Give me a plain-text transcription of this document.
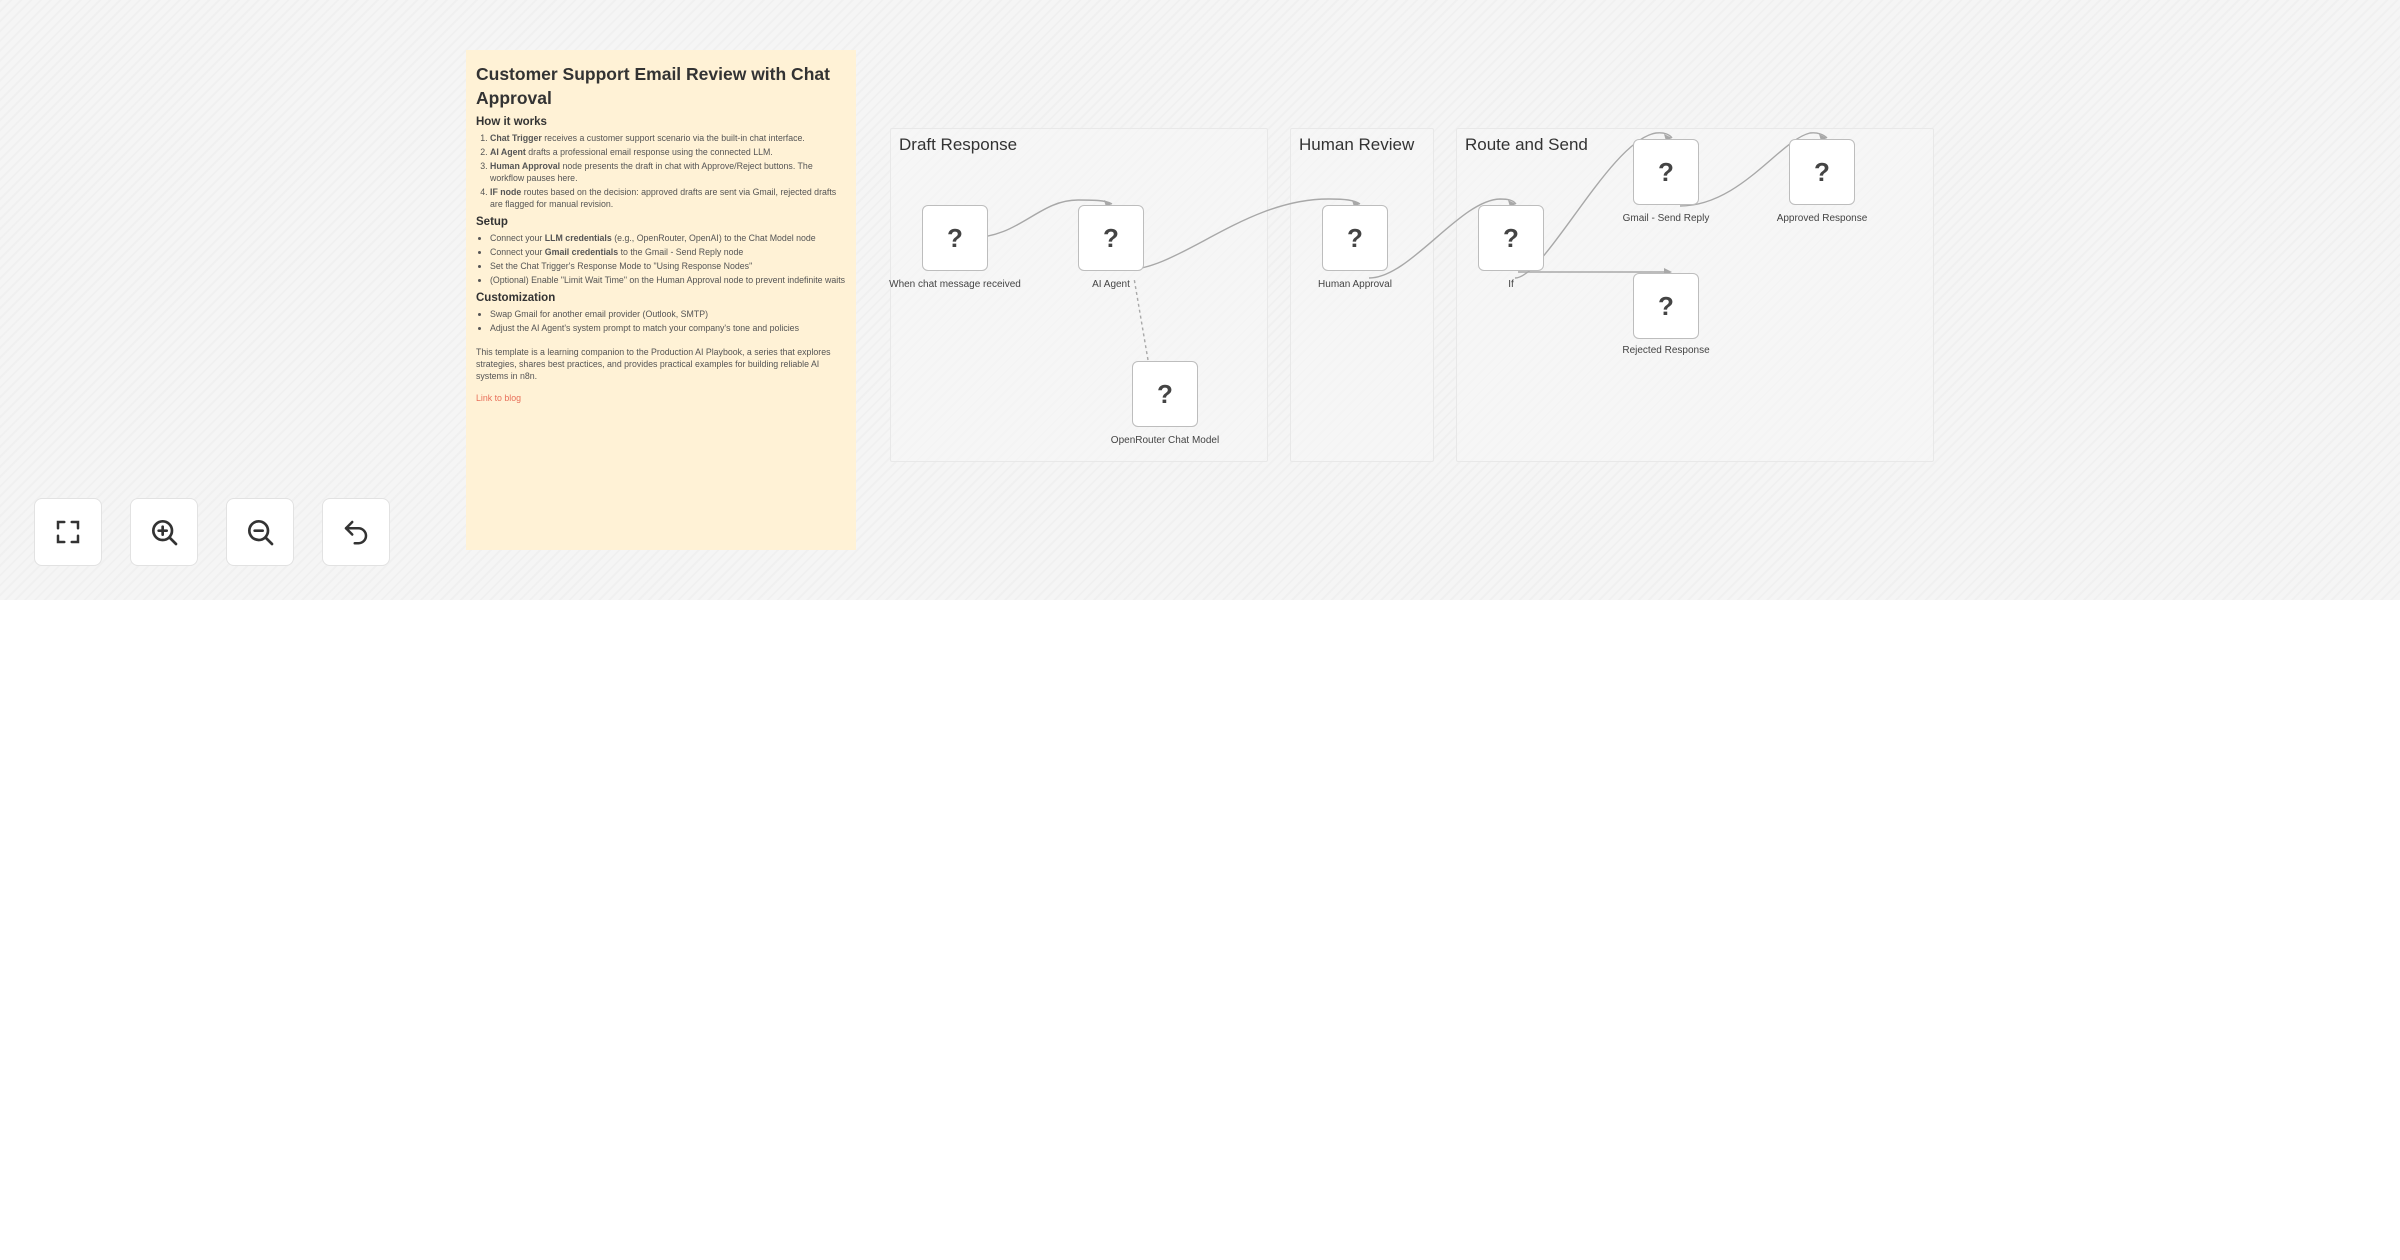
Customer Support Email Review with Chat Approval
How it works
1. Chat Trigger receives a customer support scenario via the built-in chat interface.
2. AI Agent drafts a professional email response using the connected LLM.
3. Human Approval node presents the draft in chat with Approve/Reject buttons. The workflow pauses here.
4. IF node routes based on the decision: approved drafts are sent via Gmail, rejected drafts are flagged for manual revision.
Setup
• Connect your LLM credentials (e.g., OpenRouter, OpenAI) to the Chat Model node
• Connect your Gmail credentials to the Gmail - Send Reply node
• Set the Chat Trigger's Response Mode to "Using Response Nodes"
• (Optional) Enable "Limit Wait Time" on the Human Approval node to prevent indefinite waits
Customization
• Swap Gmail for another email provider (Outlook, SMTP)
• Adjust the AI Agent's system prompt to match your company's tone and policies

This template is a learning companion to the Production AI Playbook, a series that explores strategies, shares best practices, and provides practical examples for building reliable AI systems in n8n.

Link to blog
Draft Response	Human Review	Route and Send
?
When chat message received
?
AI Agent
?
OpenRouter Chat Model
?
Human Approval
?
If
?
Gmail - Send Reply
?
Approved Response
?
Rejected Response
